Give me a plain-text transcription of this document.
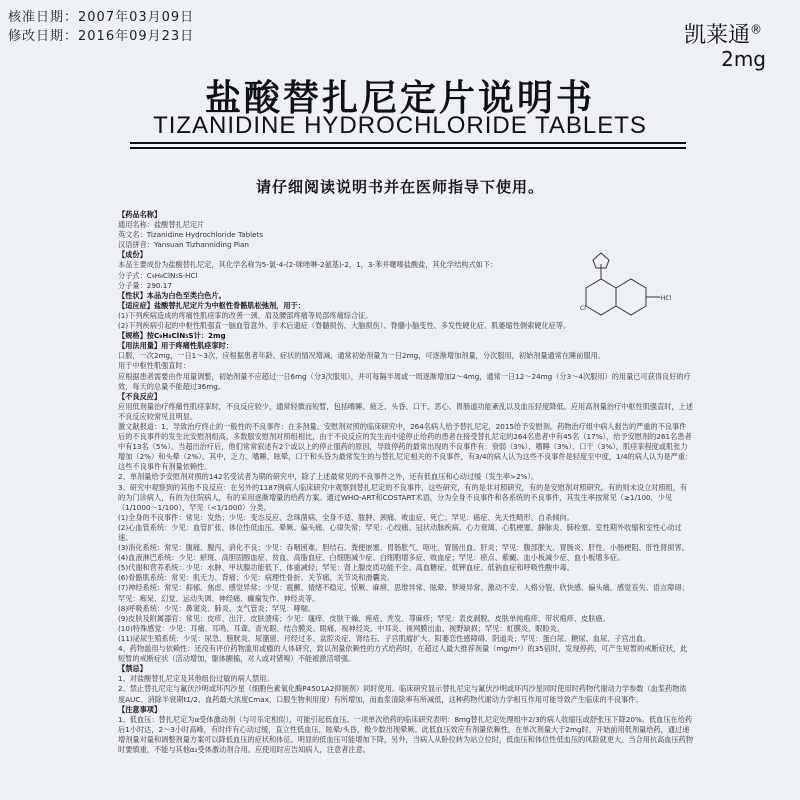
核准日期：2007年03月09日
修改日期：2016年09月23日	凯莱通®
2mg
盐酸替扎尼定片说明书
TIZANIDINE HYDROCHLORIDE TABLETS
请仔细阅读说明书并在医师指导下使用。

【药品名称】

通用名称：盐酸替扎尼定片

英文名：Tizanidine Hydrochloride Tablets

汉语拼音：Yansuan Tizhanniding Pian

【成份】

本品主要成份为盐酸替扎尼定，其化学名称为5-氯-4-(2-咪唑啉-2氨基)-2，1，3-苯并噻嗪盐酸盐，其化学结构式如下：

分子式：C₉H₈ClN₅S·HCl

分子量：290.17

【性状】本品为白色至类白色片。

【适应症】盐酸替扎尼定片为中枢性骨骼肌松弛剂，用于：

(1)下列疾病造成的疼痛性肌痉挛的改善一颈、肩及腰部疼痛等局部疼痛综合征。

(2)下列疾病引起的中枢性肌强直一脑血管意外、手术后遗症（脊髓损伤、大脑损伤）、脊髓小脑变性、多发性硬化症、肌萎缩性侧索硬化症等。

【规格】按C₉H₈ClN₅S计：2mg

【用法用量】用于疼痛性肌痉挛时：

口服，一次2mg，一日1～3次，应根据患者年龄、症状的情况增减，通常初始剂量为一日2mg，可逐渐增加剂量，分次服用，初始剂量通常在睡前服用。

用于中枢性肌强直时：

应根据患者需要由作用量调整，初始剂量不应超过一日6mg（分3次服用），并可每隔半周或一周逐渐增加2～4mg，通常一日12～24mg（分3～4次服用）的用量已可获得良好的疗效，每天的总量不能超过36mg。

【不良反应】

应用低剂量治疗疼痛性肌痉挛时，不良反应较少，通常轻微而短暂，包括嗜睡、疲乏、头昏、口干、恶心、胃肠道功能紊乱以及血压轻度降低。应用高剂量治疗中枢性肌强直时，上述不良反应较常见且明显。

激文献报道：1、导致治疗终止的一般性的不良事件：在多剂量、安慰剂对照的临床研究中，264名病人给予替扎尼定，2015给予安慰剂。药物治疗组中病人报告的严重的不良事件后的不良事件的发生比安慰剂组高，多数服安慰剂对照组相比，由于不良反应的发生而中途停止给药的患者在接受替扎尼定的264名患者中有45名（17%），给予安慰剂的261名患者中有13名（5%）。当超出治疗后，他们常常叙述有2个或以上的停止服药的原因，导致停药的最常出现的不良事件有：衰弱（3%）、嗜睡（3%）、口干（3%），肌痉挛程度或肌张力增加（2%）和头晕（2%）。其中，乏力、嗜睡、眩晕，口干和头昏为最常发生的与替扎尼定相关的不良事件，有3/4的病人认为这些不良事件是轻度至中度，1/4的病人认为是严重：这些不良事件有剂量依赖性。

2、单剂量给予安慰剂对照的142名受试者为期的研究中，除了上述最常见的不良事件之外，还有低血压和心动过缓（发生率>2%）。

3、研究中观察到的其他不良反应：在另外的1187例病人临床研究中观察到替扎尼定的不良事件，这些研究，有的是非对照研究，有的是安慰剂对照研究。有的则未设立对照组，有的为门诊病人，有的为住院病人，有的采用逐渐增量的给药方案。通过WHO-ART和COSTART术语，分为全身不良事件和各系统的不良事件，其发生率按常见（≥1/100，少见（1/1000～1/100），罕见（<1/1000）分类。

(1)全身的不良事件：常见：发热；少见：变态反应、念珠菌病、全身不适、脓肿、颈痛、败血症、死亡；罕见：癌症、先天性畸形、自杀倾向。

(2)心血管系统：少见：血管扩张、体位性低血压、晕厥、偏头痛、心律失常；罕见：心绞痛、冠状动脉疾病、心力衰竭、心肌梗塞、静脉炎、肺栓塞、室性期外收缩和室性心动过速。

(3)消化系统：常见：腹痛、腹泻、消化不良；少见：吞咽困难、胆结石、粪便嵌塞、胃肠胀气、呕吐、胃肠出血、肝炎；罕见：腹部胀大、胃肠炎、肝性、小肠梗阻、肝性肾损害。

(4)血液淋巴系统：少见：瘀斑、高胆固醇血症、贫血、高脂血症、白细胞减少症、白细胞增多症、败血症；罕见：瘀点、紫癜、血小板减少症、血小板增多症。

(5)代谢和营养系统：少见：水肿、甲状腺功能低下、体重减轻；罕见：肾上腺皮质功能不全、高血糖症、低钾血症、低钠血症和呼吸性酸中毒。

(6)骨骼肌系统：常见：肌无力、背痛；少见：病理性骨折、关节痛、关节炎和滑囊炎。

(7)神经系统：常见：抑郁、焦虑、感觉异常；少见：震颤、情绪不稳定、惊厥、麻痹、思维异常、眩晕、梦境异常、激动不安、人格分裂、欣快感、偏头痛、感觉丧失、语言障碍；罕见：痴呆、幻觉、运动失调、神经痛、癫痫发作、神经炎等。

(8)呼吸系统：少见：鼻窦炎、肺炎、支气管炎；罕见：哮喘。

(9)皮肤及附属器官：常见：皮疹、出汗、皮肤溃疡；少见：瘙痒、皮肤干燥、痤疮、秃发、荨麻疹；罕见：表皮剥脱、皮肤单纯疱疹、带状疱疹、皮肤癌。

(10)特殊感觉：少见：耳痛、耳鸣、耳聋、青光眼、结合膜炎、眼痛、视神经炎、中耳炎、视网膜出血、视野缺损；罕见：虹膜炎、眼睑炎。

(11)泌尿生殖系统：少见：尿急、膀胱炎、尿潴留、月经过多、盆腔炎症、肾结石、子宫肌瘤扩大、阳萎恋性感障碍、阴道炎；罕见：蛋白尿、糖尿、血尿、子宫出血。

4、药物滥用与依赖性：还没有评价药物滥用或瘾的人体研究，致以剂量依赖性的方式给药时，在超过人最大推荐剂量（mg/m²）的35倍时，发现停药，可产生短暂的戒断症状，此短暂的戒断症状（活动增加，躯体颤搐，对人或对猪嗅）不能被激活增强。

【禁忌】

1、对盐酸替扎尼定及其他组份过敏的病人禁用。

2、禁止替扎尼定与氟伏沙明或环丙沙星（细胞色素氧化酶P4501A2抑制剂）同时使用。临床研究显示替扎尼定与氟伏沙明或环丙沙星同时使用时药物代谢动力学参数（血浆药物浓度AUC、消除半衰期t1/2、血药最大浓度Cmax、口服生物利用度）有所增加，而血浆清除率有所减低，这种药物代谢动力学相互作用可能导致产生临床的不良事件。

【注意事项】

1、低血压：替扎尼定为α受体激动剂（与可乐定相似），可能引起低血压。一项单次给药的临床研究表明：8mg替扎尼定处理组中2/3的病人收缩压或舒张压下降20%。低血压在给药后1小时达，2～3小时高峰，有时伴有心动过缓，直立性低血压，眩晕/头昏，极少数出现晕厥。此低血压效应有剂量依赖性，在单次剂量大于2mg时，开始前用低剂量给药，通过递增剂量对量和调整剂量方案可以降低血压的症状和体征。明显的低血压可能增加下降，另外，当病人从卧位转为站立位时，低血压和体位性低血压的风险就更大。当合用抗高血压药物时要慎重，不能与其他α₂受体激动剂合用。应使用时应告知病人，注意者注意。

Cl
·HCl
